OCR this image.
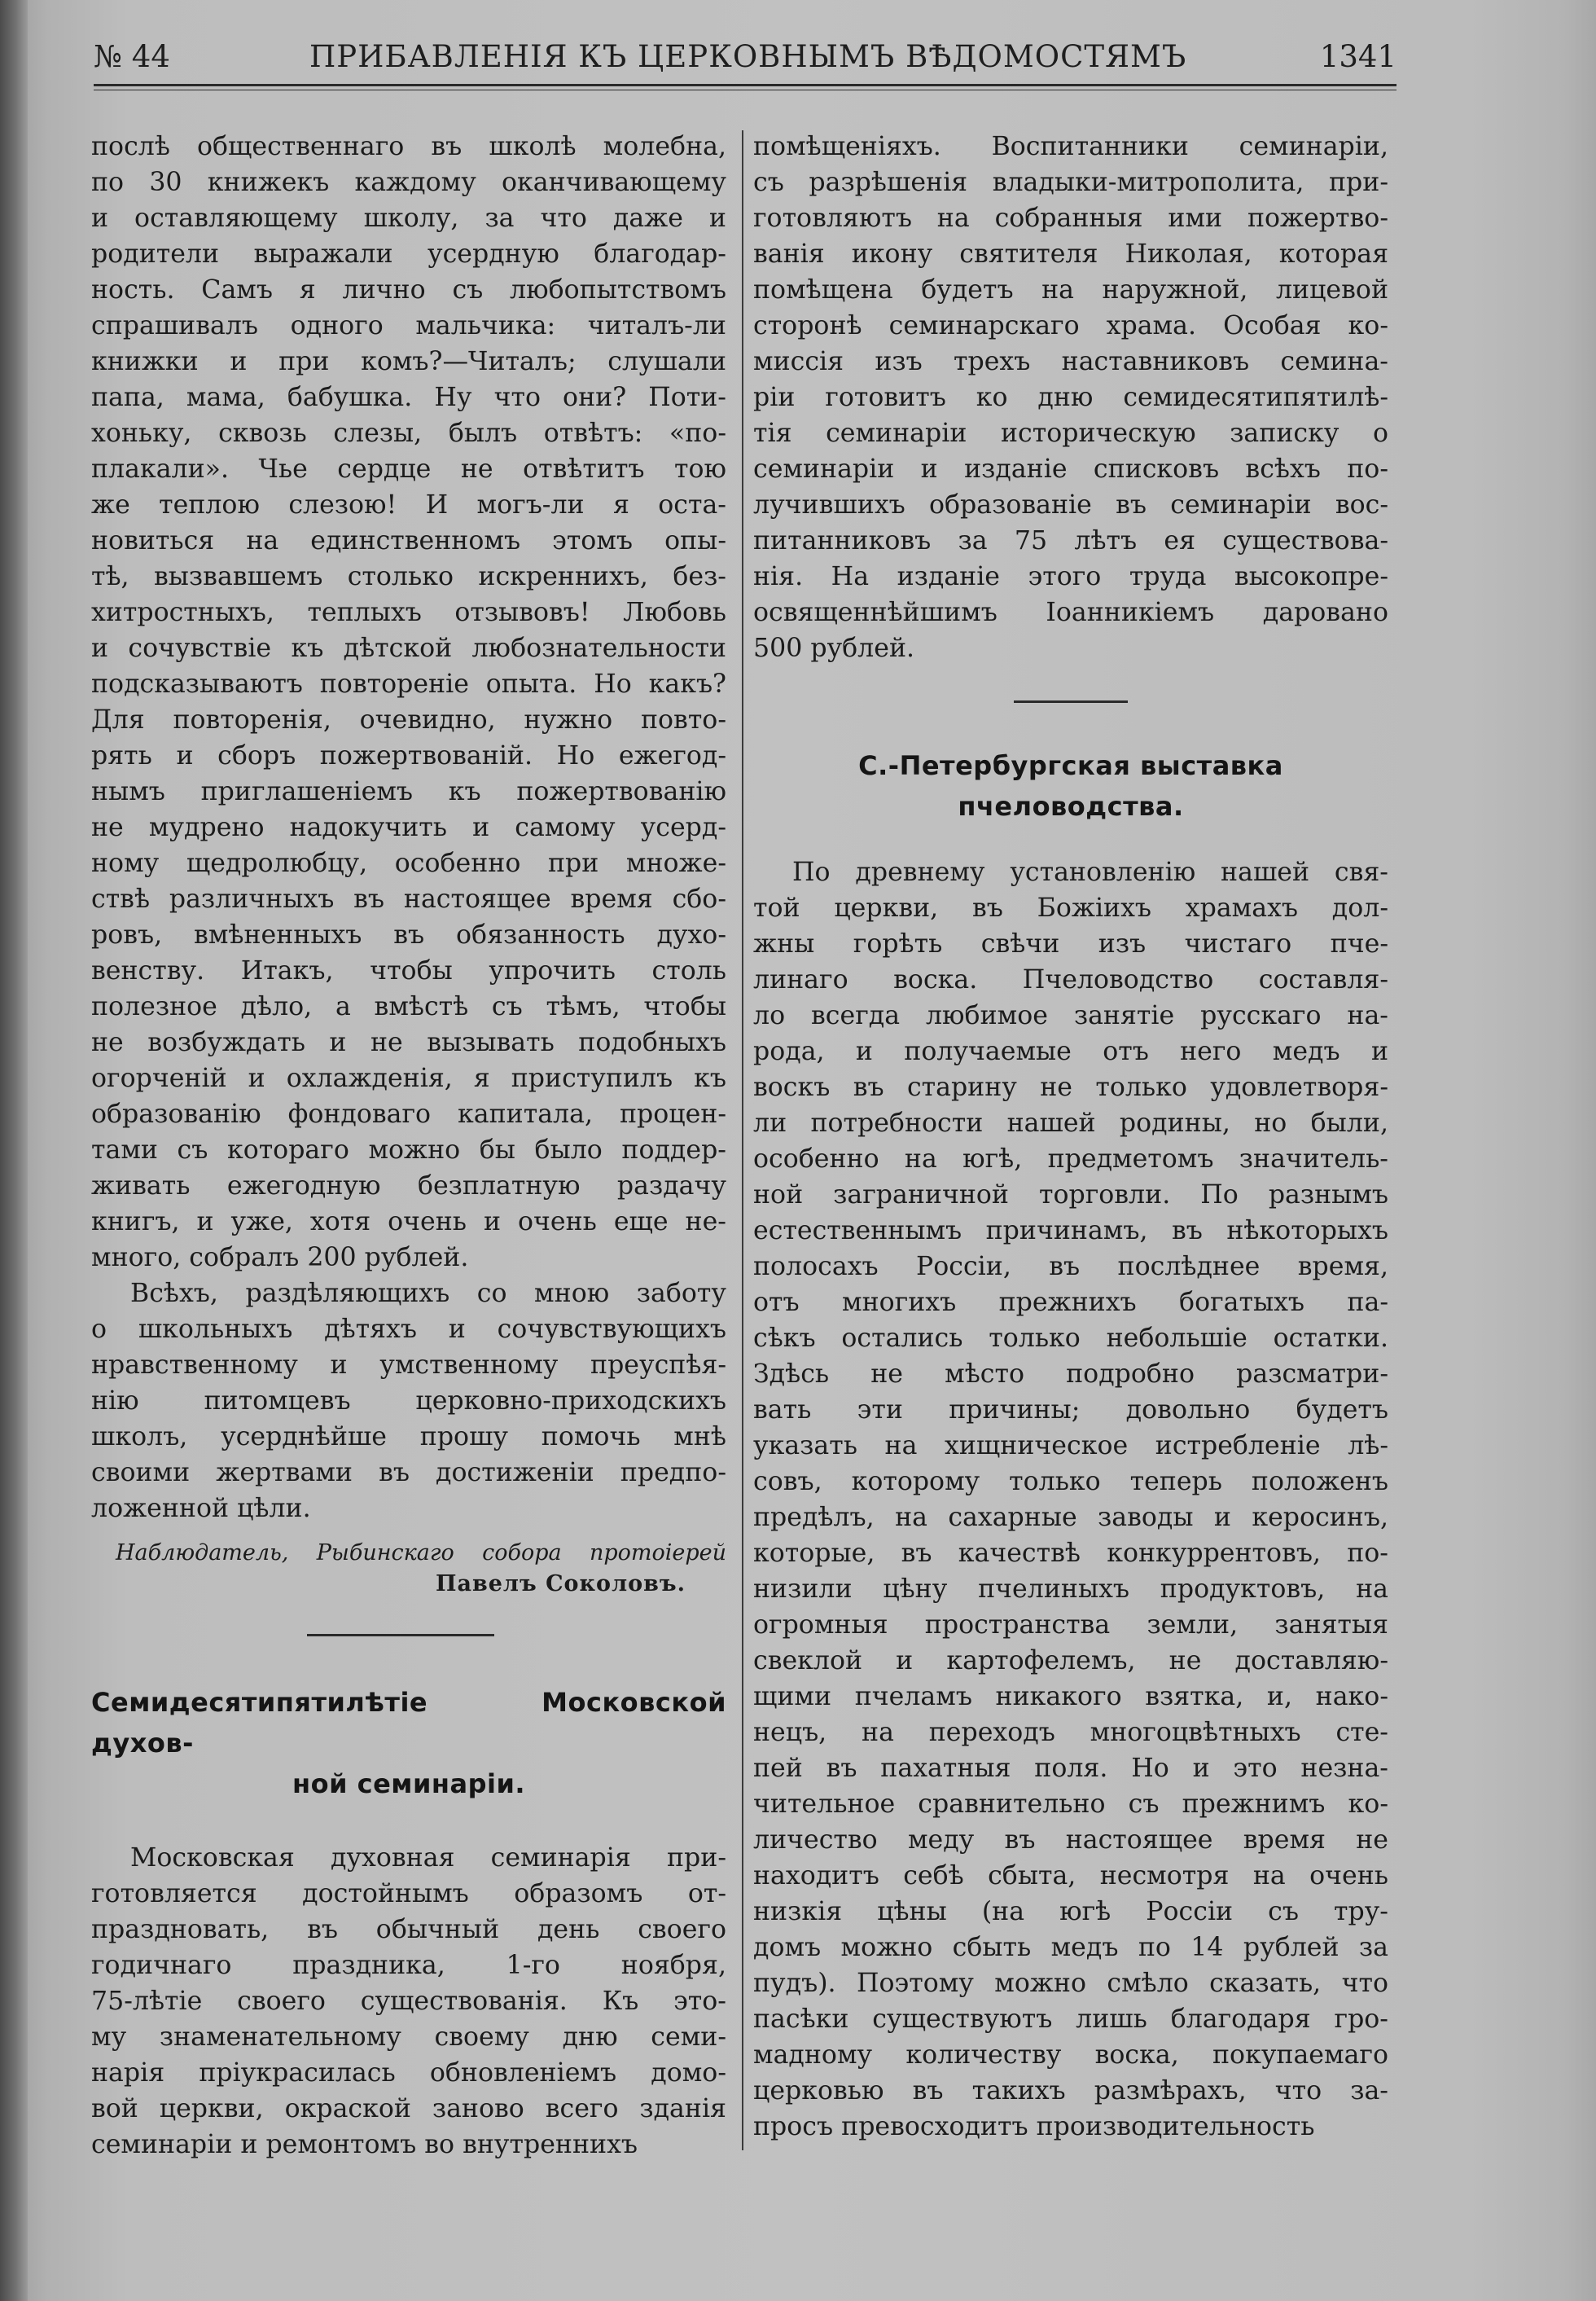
№ 44	ПРИБАВЛЕНІЯ КЪ ЦЕРКОВНЫМЪ ВѢДОМОСТЯМЪ	1341
послѣ общественнаго въ школѣ молебна,
по 30 книжекъ каждому оканчивающему
и оставляющему школу, за что даже и
родители выражали усердную благодар-
ность. Самъ я лично съ любопытствомъ
спрашивалъ одного мальчика: читалъ-ли
книжки и при комъ?—Читалъ; слушали
папа, мама, бабушка. Ну что они? Поти-
хоньку, сквозь слезы, былъ отвѣтъ: «по-
плакали». Чье сердце не отвѣтитъ тою
же теплою слезою! И могъ-ли я оста-
новиться на единственномъ этомъ опы-
тѣ, вызвавшемъ столько искреннихъ, без-
хитростныхъ, теплыхъ отзывовъ! Любовь
и сочувствіе къ дѣтской любознательности
подсказываютъ повтореніе опыта. Но какъ?
Для повторенія, очевидно, нужно повто-
рять и сборъ пожертвованій. Но ежегод-
нымъ приглашеніемъ къ пожертвованію
не мудрено надокучить и самому усерд-
ному щедролюбцу, особенно при множе-
ствѣ различныхъ въ настоящее время сбо-
ровъ, вмѣненныхъ въ обязанность духо-
венству. Итакъ, чтобы упрочить столь
полезное дѣло, а вмѣстѣ съ тѣмъ, чтобы
не возбуждать и не вызывать подобныхъ
огорченій и охлажденія, я приступилъ къ
образованію фондоваго капитала, процен-
тами съ котораго можно бы было поддер-
живать ежегодную безплатную раздачу
книгъ, и уже, хотя очень и очень еще не-
много, собралъ 200 рублей.
Всѣхъ, раздѣляющихъ со мною заботу
о школьныхъ дѣтяхъ и сочувствующихъ
нравственному и умственному преуспѣя-
нію питомцевъ церковно-приходскихъ
школъ, усерднѣйше прошу помочь мнѣ
своими жертвами въ достиженіи предпо-
ложенной цѣли.
Наблюдатель, Рыбинскаго собора протоіерей
Павелъ Соколовъ.
Семидесятипятилѣтіе Московской духов-
ной семинаріи.
Московская духовная семинарія при-
готовляется достойнымъ образомъ от-
праздновать, въ обычный день своего
годичнаго праздника, 1-го ноября,
75-лѣтіе своего существованія. Къ это-
му знаменательному своему дню семи-
нарія пріукрасилась обновленіемъ домо-
вой церкви, окраской заново всего зданія
семинаріи и ремонтомъ во внутреннихъ
помѣщеніяхъ. Воспитанники семинаріи,
съ разрѣшенія владыки-митрополита, при-
готовляютъ на собранныя ими пожертво-
ванія икону святителя Николая, которая
помѣщена будетъ на наружной, лицевой
сторонѣ семинарскаго храма. Особая ко-
миссія изъ трехъ наставниковъ семина-
ріи готовитъ ко дню семидесятипятилѣ-
тія семинаріи историческую записку о
семинаріи и изданіе списковъ всѣхъ по-
лучившихъ образованіе въ семинаріи вос-
питанниковъ за 75 лѣтъ ея существова-
нія. На изданіе этого труда высокопре-
освященнѣйшимъ Іоанникіемъ даровано
500 рублей.
С.-Петербургская выставка пчеловодства.
По древнему установленію нашей свя-
той церкви, въ Божіихъ храмахъ дол-
жны горѣть свѣчи изъ чистаго пче-
линаго воска. Пчеловодство составля-
ло всегда любимое занятіе русскаго на-
рода, и получаемые отъ него медъ и
воскъ въ старину не только удовлетворя-
ли потребности нашей родины, но были,
особенно на югѣ, предметомъ значитель-
ной заграничной торговли. По разнымъ
естественнымъ причинамъ, въ нѣкоторыхъ
полосахъ Россіи, въ послѣднее время,
отъ многихъ прежнихъ богатыхъ па-
сѣкъ остались только небольшіе остатки.
Здѣсь не мѣсто подробно разсматри-
вать эти причины; довольно будетъ
указать на хищническое истребленіе лѣ-
совъ, которому только теперь положенъ
предѣлъ, на сахарные заводы и керосинъ,
которые, въ качествѣ конкуррентовъ, по-
низили цѣну пчелиныхъ продуктовъ, на
огромныя пространства земли, занятыя
свеклой и картофелемъ, не доставляю-
щими пчеламъ никакого взятка, и, нако-
нецъ, на переходъ многоцвѣтныхъ сте-
пей въ пахатныя поля. Но и это незна-
чительное сравнительно съ прежнимъ ко-
личество меду въ настоящее время не
находитъ себѣ сбыта, несмотря на очень
низкія цѣны (на югѣ Россіи съ тру-
домъ можно сбыть медъ по 14 рублей за
пудъ). Поэтому можно смѣло сказать, что
пасѣки существуютъ лишь благодаря гро-
мадному количеству воска, покупаемаго
церковью въ такихъ размѣрахъ, что за-
просъ превосходитъ производительность
